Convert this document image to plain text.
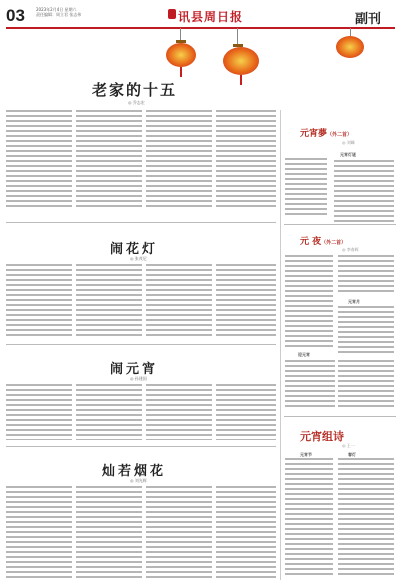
03	2023年2月4日 星期六
责任编辑：周立君 张志伟	讯县周日报	副刊
老家的十五
◎ 乔志宏
元宵夢（外二首）
◎ 刘峰
元宵灯谜
元 夜（外二首）
◎ 李春晖
元宵月
迎元宵
元宵组诗
◎ 王一
元宵节	春灯
闹花灯
◎ 张茂尼
闹元宵
◎ 孙建国
灿若烟花
◎ 刘光辉
